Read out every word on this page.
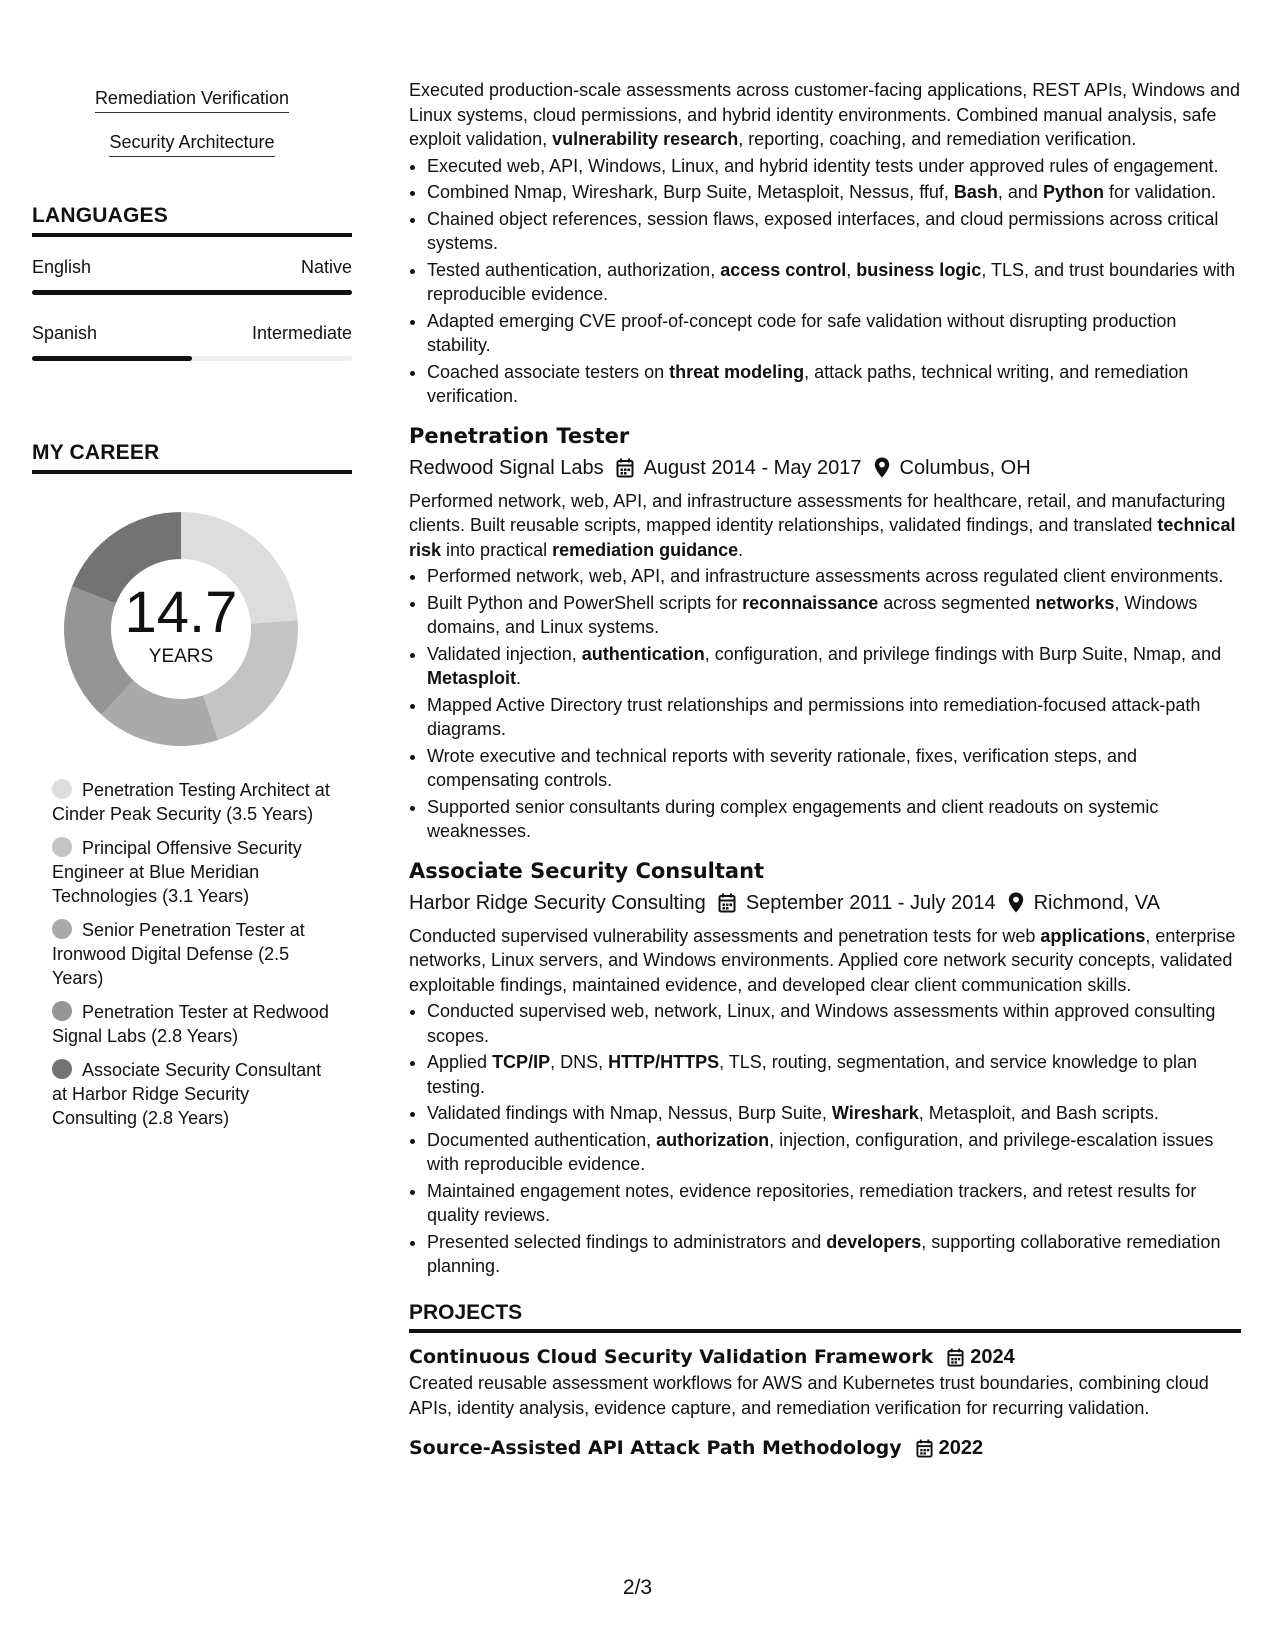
Remediation Verification
Security Architecture
LANGUAGES
English	Native
Spanish	Intermediate
MY CAREER
14.7
YEARS
Penetration Testing Architect at Cinder Peak Security (3.5 Years)
Principal Offensive Security Engineer at Blue Meridian Technologies (3.1 Years)
Senior Penetration Tester at Ironwood Digital Defense (2.5 Years)
Penetration Tester at Redwood Signal Labs (2.8 Years)
Associate Security Consultant at Harbor Ridge Security Consulting (2.8 Years)

Executed production-scale assessments across customer-facing applications, REST APIs, Windows and Linux systems, cloud permissions, and hybrid identity environments. Combined manual analysis, safe exploit validation, vulnerability research, reporting, coaching, and remediation verification.

• Executed web, API, Windows, Linux, and hybrid identity tests under approved rules of engagement.
• Combined Nmap, Wireshark, Burp Suite, Metasploit, Nessus, ffuf, Bash, and Python for validation.
• Chained object references, session flaws, exposed interfaces, and cloud permissions across critical systems.
• Tested authentication, authorization, access control, business logic, TLS, and trust boundaries with reproducible evidence.
• Adapted emerging CVE proof-of-concept code for safe validation without disrupting production stability.
• Coached associate testers on threat modeling, attack paths, technical writing, and remediation verification.
Penetration Tester
Redwood Signal Labs August 2014 - May 2017 Columbus, OH

Performed network, web, API, and infrastructure assessments for healthcare, retail, and manufacturing clients. Built reusable scripts, mapped identity relationships, validated findings, and translated technical risk into practical remediation guidance.

• Performed network, web, API, and infrastructure assessments across regulated client environments.
• Built Python and PowerShell scripts for reconnaissance across segmented networks, Windows domains, and Linux systems.
• Validated injection, authentication, configuration, and privilege findings with Burp Suite, Nmap, and Metasploit.
• Mapped Active Directory trust relationships and permissions into remediation-focused attack-path diagrams.
• Wrote executive and technical reports with severity rationale, fixes, verification steps, and compensating controls.
• Supported senior consultants during complex engagements and client readouts on systemic weaknesses.
Associate Security Consultant
Harbor Ridge Security Consulting September 2011 - July 2014 Richmond, VA

Conducted supervised vulnerability assessments and penetration tests for web applications, enterprise networks, Linux servers, and Windows environments. Applied core network security concepts, validated exploitable findings, maintained evidence, and developed clear client communication skills.

• Conducted supervised web, network, Linux, and Windows assessments within approved consulting scopes.
• Applied TCP/IP, DNS, HTTP/HTTPS, TLS, routing, segmentation, and service knowledge to plan testing.
• Validated findings with Nmap, Nessus, Burp Suite, Wireshark, Metasploit, and Bash scripts.
• Documented authentication, authorization, injection, configuration, and privilege-escalation issues with reproducible evidence.
• Maintained engagement notes, evidence repositories, remediation trackers, and retest results for quality reviews.
• Presented selected findings to administrators and developers, supporting collaborative remediation planning.
PROJECTS
Continuous Cloud Security Validation Framework 2024

Created reusable assessment workflows for AWS and Kubernetes trust boundaries, combining cloud APIs, identity analysis, evidence capture, and remediation verification for recurring validation.

Source-Assisted API Attack Path Methodology 2022
2/3
